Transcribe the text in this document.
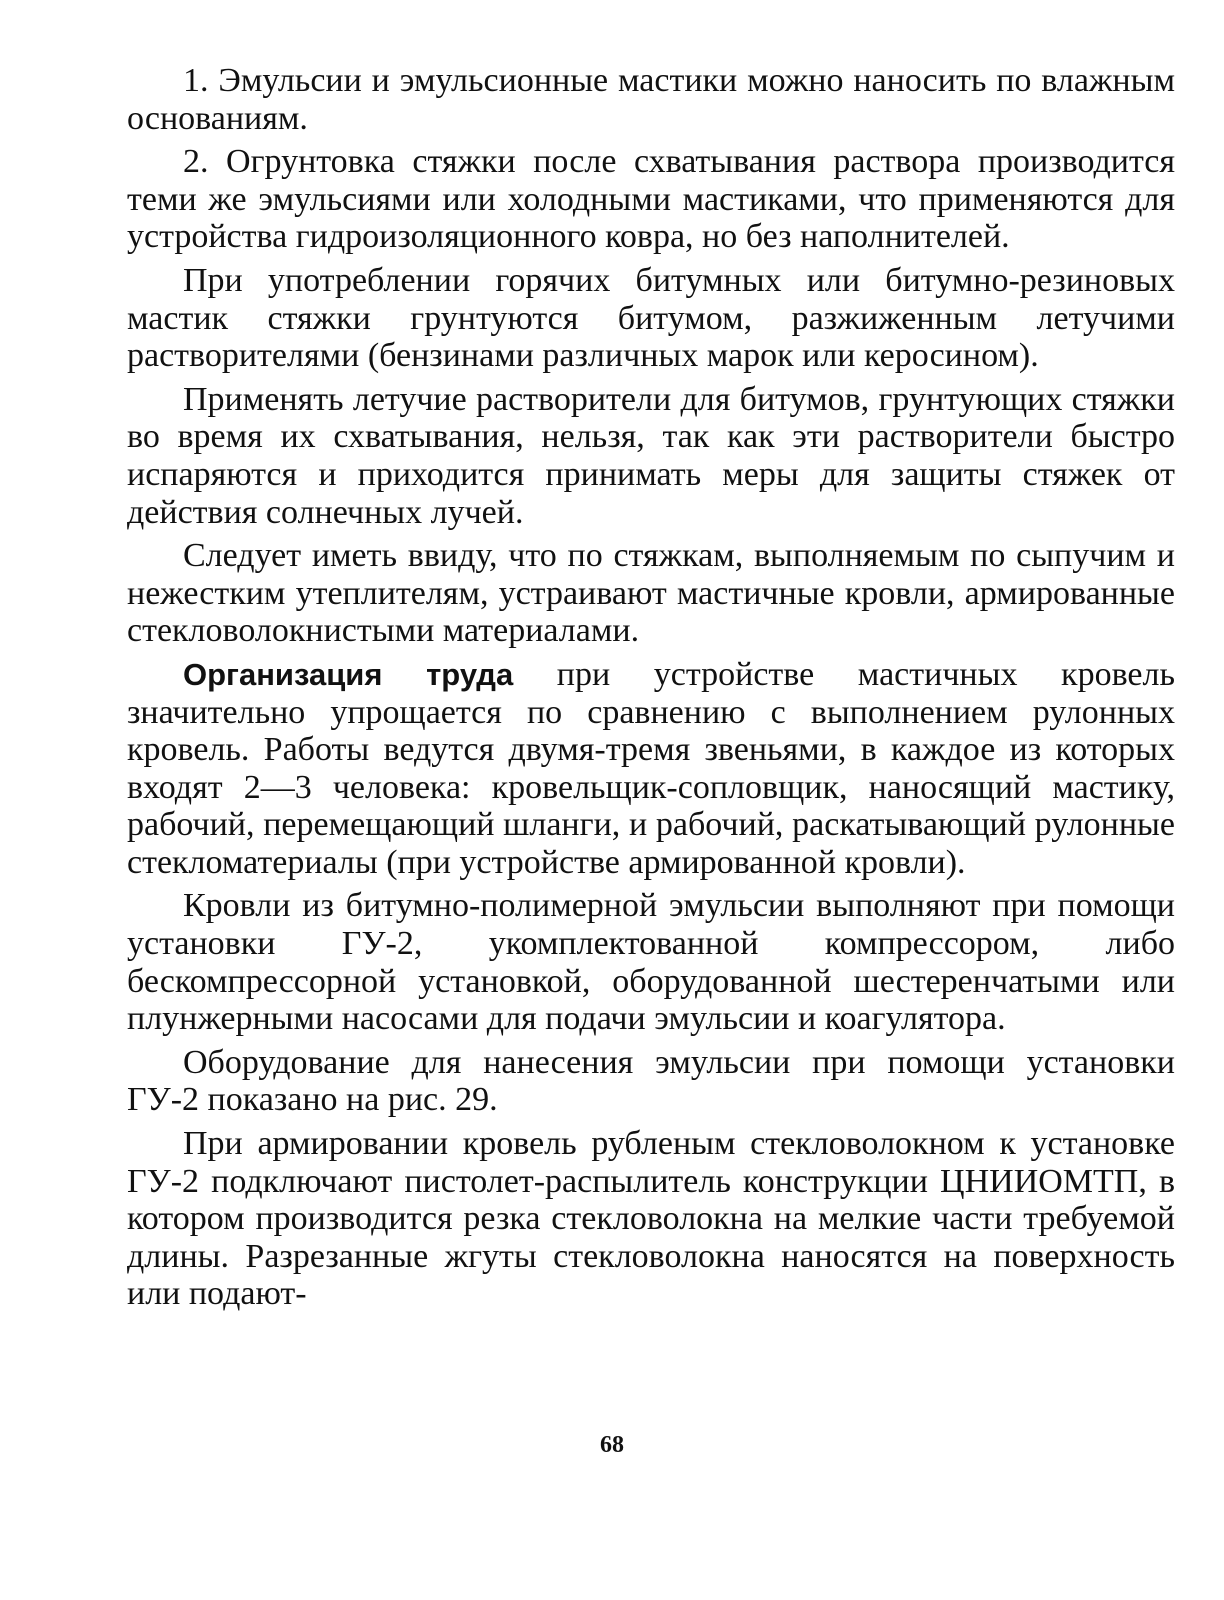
1. Эмульсии и эмульсионные мастики можно наносить по влажным основаниям.

2. Огрунтовка стяжки после схватывания раствора производится теми же эмульсиями или холодными мастиками, что применяются для устройства гидроизоляционного ковра, но без наполнителей.

При употреблении горячих битумных или битумно-резиновых мастик стяжки грунтуются битумом, разжиженным летучими растворителями (бензинами различных марок или керосином).

Применять летучие растворители для битумов, грунтующих стяжки во время их схватывания, нельзя, так как эти растворители быстро испаряются и приходится принимать меры для защиты стяжек от действия солнечных лучей.

Следует иметь ввиду, что по стяжкам, выполняемым по сыпучим и нежестким утеплителям, устраивают мастичные кровли, армированные стекловолокнистыми материалами.

Организация труда при устройстве мастичных кровель значительно упрощается по сравнению с выполнением рулонных кровель. Работы ведутся двумя-тремя звеньями, в каждое из которых входят 2—3 человека: кровельщик-сопловщик, наносящий мастику, рабочий, перемещающий шланги, и рабочий, раскатывающий рулонные стекломатериалы (при устройстве армированной кровли).

Кровли из битумно-полимерной эмульсии выполняют при помощи установки ГУ-2, укомплектованной компрессором, либо бескомпрессорной установкой, оборудованной шестеренчатыми или плунжерными насосами для подачи эмульсии и коагулятора.

Оборудование для нанесения эмульсии при помощи установки ГУ-2 показано на рис. 29.

При армировании кровель рубленым стекловолокном к установке ГУ-2 подключают пистолет-распылитель конструкции ЦНИИОМТП, в котором производится резка стекловолокна на мелкие части требуемой длины. Разрезанные жгуты стекловолокна наносятся на поверхность или подают-

68
